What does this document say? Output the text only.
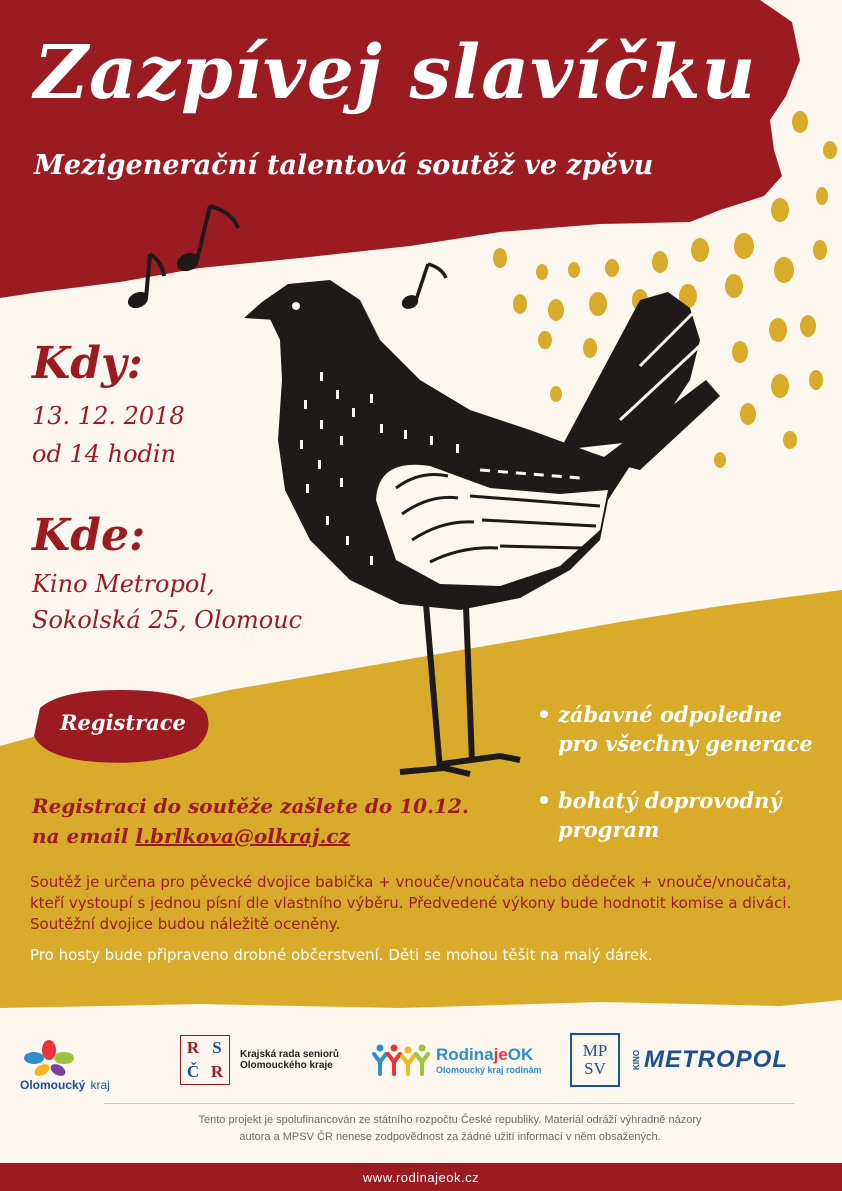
Zazpívej slavíčku
Mezigenerační talentová soutěž ve zpěvu
Kdy:
13. 12. 2018
od 14 hodin
Kde:
Kino Metropol,
Sokolská 25, Olomouc
Registrace
Registraci do soutěže zašlete do 10.12.
na email l.brlkova@olkraj.cz
zábavné odpoledne pro všechny generace
bohatý doprovodný program
Soutěž je určena pro pěvecké dvojice babička + vnouče/vnoučata nebo dědeček + vnouče/vnoučata, kteří vystoupí s jednou písní dle vlastního výběru. Předvedené výkony bude hodnotit komise a diváci. Soutěžní dvojice budou náležitě oceněny.
Pro hosty bude připraveno drobné občerstvení. Děti se mohou těšit na malý dárek.
Olomoucký kraj
R S
Č R
Krajská rada seniorů
Olomouckého kraje
RodinajeOK
Olomoucký kraj rodinám
MP
SV	KINO METROPOL
Tento projekt je spolufinancován ze státního rozpočtu České republiky. Materiál odráží výhradně názory
autora a MPSV ČR nenese zodpovědnost za žádné užití informací v něm obsažených.
www.rodinajeok.cz
